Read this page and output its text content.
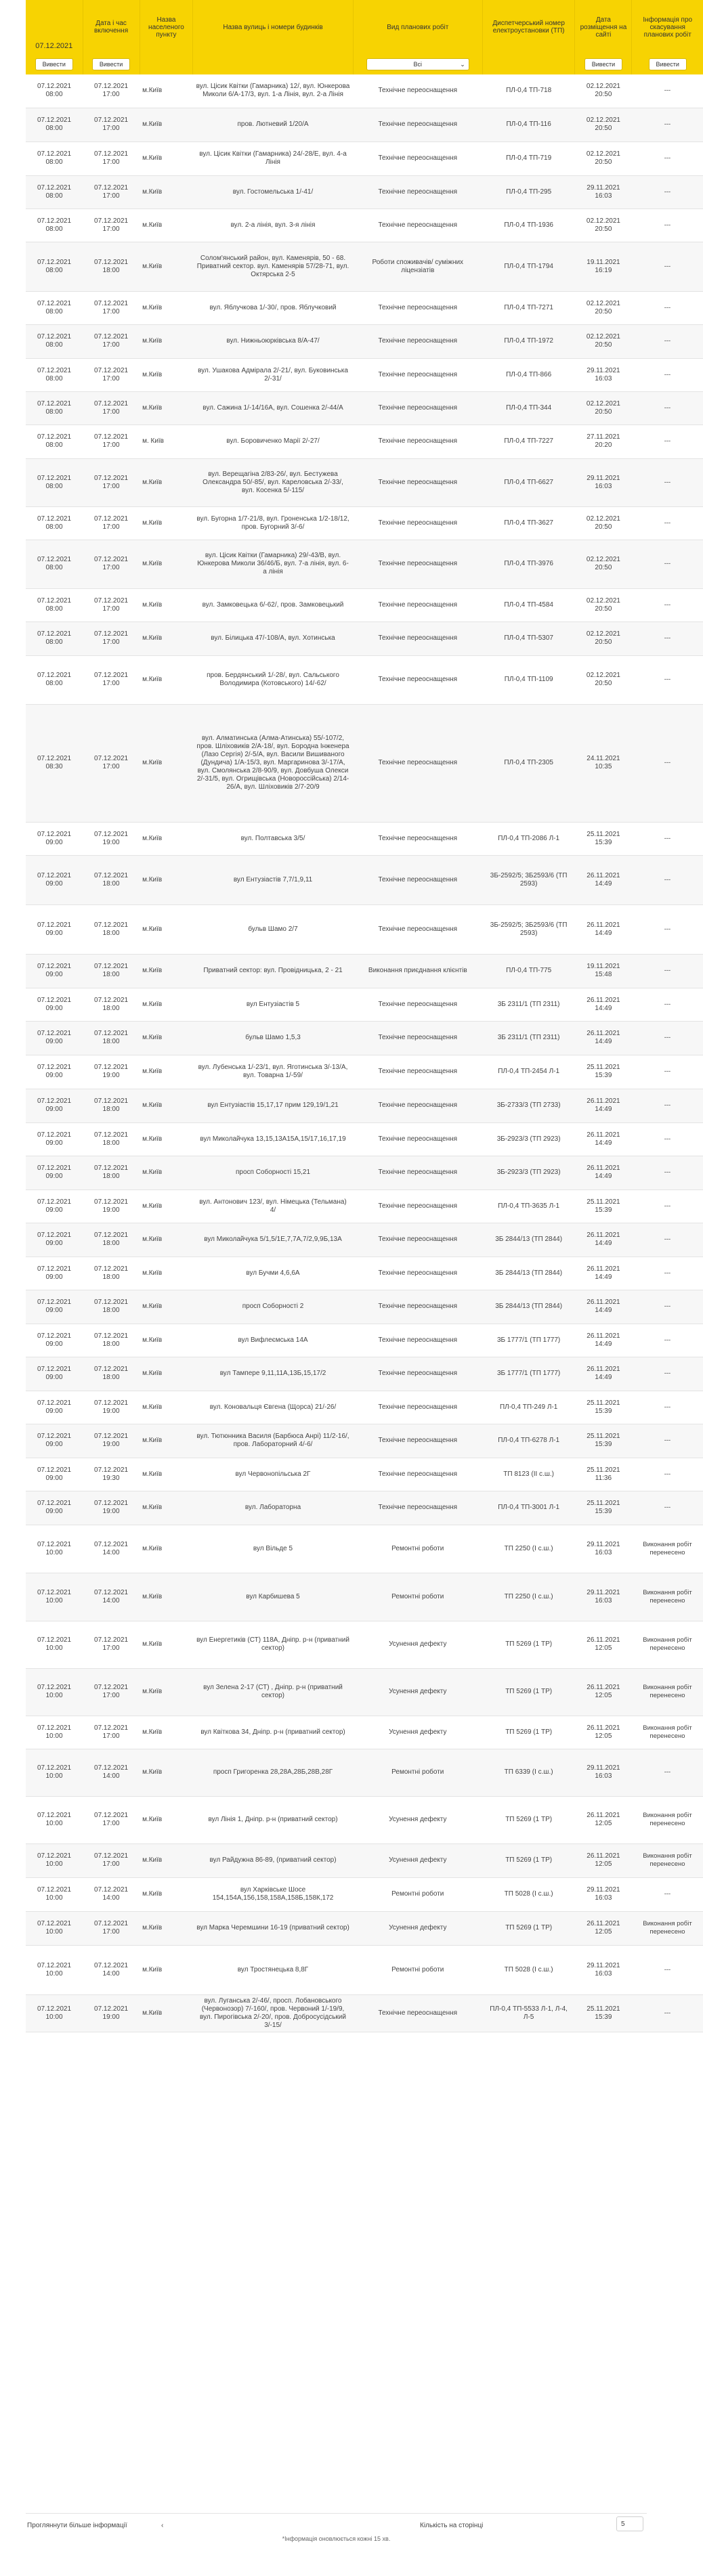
07.12.2021	Дата і час включення	Назва населеного пункту	Назва вулиць і номери будинків	Вид планових робіт	Диспетчерський номер електроустановки (ТП)	Дата розміщення на сайті	Інформація про скасування планових робіт
Вивести	Вивести			Всі ⌄		Вивести	Вивести
07.12.2021 08:00	07.12.2021 17:00	м.Київ	вул. Цісик Квітки (Гамарника) 12/, вул. Юнкерова Миколи 6/А-17/3, вул. 1-а Лінія, вул. 2-а Лінія	Технічне переоснащення	ПЛ-0,4 ТП-718	02.12.2021 20:50	---
07.12.2021 08:00	07.12.2021 17:00	м.Київ	пров. Лютневий 1/20/А	Технічне переоснащення	ПЛ-0,4 ТП-116	02.12.2021 20:50	---
07.12.2021 08:00	07.12.2021 17:00	м.Київ	вул. Цісик Квітки (Гамарника) 24/-28/Е, вул. 4-а Лінія	Технічне переоснащення	ПЛ-0,4 ТП-719	02.12.2021 20:50	---
07.12.2021 08:00	07.12.2021 17:00	м.Київ	вул. Гостомельська 1/-41/	Технічне переоснащення	ПЛ-0,4 ТП-295	29.11.2021 16:03	---
07.12.2021 08:00	07.12.2021 17:00	м.Київ	вул. 2-а лінія, вул. 3-я лінія	Технічне переоснащення	ПЛ-0,4 ТП-1936	02.12.2021 20:50	---
07.12.2021 08:00	07.12.2021 18:00	м.Київ	Солом'янський район, вул. Каменярів, 50 - 68. Приватний сектор. вул. Каменярів 57/28-71, вул. Октярська 2-5	Роботи споживачів/ суміжних ліцензіатів	ПЛ-0,4 ТП-1794	19.11.2021 16:19	---
07.12.2021 08:00	07.12.2021 17:00	м.Київ	вул. Яблучкова 1/-30/, пров. Яблучковий	Технічне переоснащення	ПЛ-0,4 ТП-7271	02.12.2021 20:50	---
07.12.2021 08:00	07.12.2021 17:00	м.Київ	вул. Нижньоюрківська 8/А-47/	Технічне переоснащення	ПЛ-0,4 ТП-1972	02.12.2021 20:50	---
07.12.2021 08:00	07.12.2021 17:00	м.Київ	вул. Ушакова Адмірала 2/-21/, вул. Буковинська 2/-31/	Технічне переоснащення	ПЛ-0,4 ТП-866	29.11.2021 16:03	---
07.12.2021 08:00	07.12.2021 17:00	м.Київ	вул. Сажина 1/-14/16А, вул. Сошенка 2/-44/А	Технічне переоснащення	ПЛ-0,4 ТП-344	02.12.2021 20:50	---
07.12.2021 08:00	07.12.2021 17:00	м. Київ	вул. Боровиченко Марії 2/-27/	Технічне переоснащення	ПЛ-0,4 ТП-7227	27.11.2021 20:20	---
07.12.2021 08:00	07.12.2021 17:00	м.Київ	вул. Верещагіна 2/83-26/, вул. Бестужева Олександра 50/-85/, вул. Кареловська 2/-33/, вул. Косенка 5/-115/	Технічне переоснащення	ПЛ-0,4 ТП-6627	29.11.2021 16:03	---
07.12.2021 08:00	07.12.2021 17:00	м.Київ	вул. Бугорна 1/7-21/8, вул. Гроненська 1/2-18/12, пров. Бугорний 3/-6/	Технічне переоснащення	ПЛ-0,4 ТП-3627	02.12.2021 20:50	---
07.12.2021 08:00	07.12.2021 17:00	м.Київ	вул. Цісик Квітки (Гамарника) 29/-43/В, вул. Юнкерова Миколи 36/46/Б, вул. 7-а лінія, вул. 6-а лінія	Технічне переоснащення	ПЛ-0,4 ТП-3976	02.12.2021 20:50	---
07.12.2021 08:00	07.12.2021 17:00	м.Київ	вул. Замковецька 6/-62/, пров. Замковецький	Технічне переоснащення	ПЛ-0,4 ТП-4584	02.12.2021 20:50	---
07.12.2021 08:00	07.12.2021 17:00	м.Київ	вул. Бiлицька 47/-108/А, вул. Хотинська	Технічне переоснащення	ПЛ-0,4 ТП-5307	02.12.2021 20:50	---
07.12.2021 08:00	07.12.2021 17:00	м.Київ	пров. Бердянський 1/-28/, вул. Сальського Володимира (Котовського) 14/-62/	Технічне переоснащення	ПЛ-0,4 ТП-1109	02.12.2021 20:50	---
07.12.2021 08:30	07.12.2021 17:00	м.Київ	вул. Алматинська (Алма-Атинська) 55/-107/2, пров. Шліховиків 2/А-18/, вул. Бородна Інженера (Лазо Сергія) 2/-5/А, вул. Васили Вишиваного (Дундича) 1/А-15/3, вул. Маргаринова 3/-17/А, вул. Смолянська 2/8-90/9, вул. Довбуша Олекси 2/-31/5, вул. Огрищівська (Новороссійська) 2/14-26/А, вул. Шліховиків 2/7-20/9	Технічне переоснащення	ПЛ-0,4 ТП-2305	24.11.2021 10:35	---
07.12.2021 09:00	07.12.2021 19:00	м.Київ	вул. Полтавська 3/5/	Технічне переоснащення	ПЛ-0,4 ТП-2086 Л-1	25.11.2021 15:39	---
07.12.2021 09:00	07.12.2021 18:00	м.Київ	вул Ентузіастів 7,7/1,9,11	Технічне переоснащення	3Б-2592/5; 3Б2593/6 (ТП 2593)	26.11.2021 14:49	---
07.12.2021 09:00	07.12.2021 18:00	м.Київ	бульв Шамо 2/7	Технічне переоснащення	3Б-2592/5; 3Б2593/6 (ТП 2593)	26.11.2021 14:49	---
07.12.2021 09:00	07.12.2021 18:00	м.Київ	Приватний сектор: вул. Провідницька, 2 - 21	Виконання приєднання клієнтів	ПЛ-0,4 ТП-775	19.11.2021 15:48	---
07.12.2021 09:00	07.12.2021 18:00	м.Київ	вул Ентузіастів 5	Технічне переоснащення	3Б 2311/1 (ТП 2311)	26.11.2021 14:49	---
07.12.2021 09:00	07.12.2021 18:00	м.Київ	бульв Шамо 1,5,3	Технічне переоснащення	3Б 2311/1 (ТП 2311)	26.11.2021 14:49	---
07.12.2021 09:00	07.12.2021 19:00	м.Київ	вул. Лубенська 1/-23/1, вул. Яготинська 3/-13/А, вул. Товарна 1/-59/	Технічне переоснащення	ПЛ-0,4 ТП-2454 Л-1	25.11.2021 15:39	---
07.12.2021 09:00	07.12.2021 18:00	м.Київ	вул Ентузіастів 15,17,17 прим 129,19/1,21	Технічне переоснащення	3Б-2733/3 (ТП 2733)	26.11.2021 14:49	---
07.12.2021 09:00	07.12.2021 18:00	м.Київ	вул Миколайчука 13,15,13А15А,15/17,16,17,19	Технічне переоснащення	3Б-2923/3 (ТП 2923)	26.11.2021 14:49	---
07.12.2021 09:00	07.12.2021 18:00	м.Київ	просп Соборності 15,21	Технічне переоснащення	3Б-2923/3 (ТП 2923)	26.11.2021 14:49	---
07.12.2021 09:00	07.12.2021 19:00	м.Київ	вул. Антонович 123/, вул. Німецька (Тельмана) 4/	Технічне переоснащення	ПЛ-0,4 ТП-3635 Л-1	25.11.2021 15:39	---
07.12.2021 09:00	07.12.2021 18:00	м.Київ	вул Миколайчука 5/1,5/1Е,7,7А,7/2,9,9Б,13А	Технічне переоснащення	3Б 2844/13 (ТП 2844)	26.11.2021 14:49	---
07.12.2021 09:00	07.12.2021 18:00	м.Київ	вул Бучми 4,6,6А	Технічне переоснащення	3Б 2844/13 (ТП 2844)	26.11.2021 14:49	---
07.12.2021 09:00	07.12.2021 18:00	м.Київ	просп Соборності 2	Технічне переоснащення	3Б 2844/13 (ТП 2844)	26.11.2021 14:49	---
07.12.2021 09:00	07.12.2021 18:00	м.Київ	вул Вифлеємська 14А	Технічне переоснащення	3Б 1777/1 (ТП 1777)	26.11.2021 14:49	---
07.12.2021 09:00	07.12.2021 18:00	м.Київ	вул Тампере 9,11,11А,13Б,15,17/2	Технічне переоснащення	3Б 1777/1 (ТП 1777)	26.11.2021 14:49	---
07.12.2021 09:00	07.12.2021 19:00	м.Київ	вул. Коновальця Євгена (Щорса) 21/-26/	Технічне переоснащення	ПЛ-0,4 ТП-249 Л-1	25.11.2021 15:39	---
07.12.2021 09:00	07.12.2021 19:00	м.Київ	вул. Тютюнника Василя (Барбюса Анрі) 11/2-16/, пров. Лабораторний 4/-6/	Технічне переоснащення	ПЛ-0,4 ТП-6278 Л-1	25.11.2021 15:39	---
07.12.2021 09:00	07.12.2021 19:30	м.Київ	вул Червонопільська 2Г	Технічне переоснащення	ТП 8123 (II с.ш.)	25.11.2021 11:36	---
07.12.2021 09:00	07.12.2021 19:00	м.Київ	вул. Лабораторна	Технічне переоснащення	ПЛ-0,4 ТП-3001 Л-1	25.11.2021 15:39	---
07.12.2021 10:00	07.12.2021 14:00	м.Київ	вул Вільде 5	Ремонтні роботи	ТП 2250 (I с.ш.)	29.11.2021 16:03	Виконання робіт перенесено
07.12.2021 10:00	07.12.2021 14:00	м.Київ	вул Карбишева 5	Ремонтні роботи	ТП 2250 (I с.ш.)	29.11.2021 16:03	Виконання робіт перенесено
07.12.2021 10:00	07.12.2021 17:00	м.Київ	вул Енергетиків (СТ) 118А, Дніпр. р-н (приватний сектор)	Усунення дефекту	ТП 5269 (1 ТР)	26.11.2021 12:05	Виконання робіт перенесено
07.12.2021 10:00	07.12.2021 17:00	м.Київ	вул Зелена 2-17 (СТ) , Дніпр. р-н (приватний сектор)	Усунення дефекту	ТП 5269 (1 ТР)	26.11.2021 12:05	Виконання робіт перенесено
07.12.2021 10:00	07.12.2021 17:00	м.Київ	вул Квіткова 34, Дніпр. р-н (приватний сектор)	Усунення дефекту	ТП 5269 (1 ТР)	26.11.2021 12:05	Виконання робіт перенесено
07.12.2021 10:00	07.12.2021 14:00	м.Київ	просп Григоренка 28,28А,28Б,28В,28Г	Ремонтні роботи	ТП 6339 (I с.ш.)	29.11.2021 16:03	---
07.12.2021 10:00	07.12.2021 17:00	м.Київ	вул Лінія 1, Дніпр. р-н (приватний сектор)	Усунення дефекту	ТП 5269 (1 ТР)	26.11.2021 12:05	Виконання робіт перенесено
07.12.2021 10:00	07.12.2021 17:00	м.Київ	вул Райдужна 86-89, (приватний сектор)	Усунення дефекту	ТП 5269 (1 ТР)	26.11.2021 12:05	Виконання робіт перенесено
07.12.2021 10:00	07.12.2021 14:00	м.Київ	вул Харківське Шосе 154,154А,156,158,158А,158Б,158К,172	Ремонтні роботи	ТП 5028 (I с.ш.)	29.11.2021 16:03	---
07.12.2021 10:00	07.12.2021 17:00	м.Київ	вул Марка Черемшини 16-19 (приватний сектор)	Усунення дефекту	ТП 5269 (1 ТР)	26.11.2021 12:05	Виконання робіт перенесено
07.12.2021 10:00	07.12.2021 14:00	м.Київ	вул Тростянецька 8,8Г	Ремонтні роботи	ТП 5028 (I с.ш.)	29.11.2021 16:03	---
07.12.2021 10:00	07.12.2021 19:00	м.Київ	вул. Луганська 2/-46/, просп. Лобановського (Червонозор) 7/-160/, пров. Червоний 1/-19/9, вул. Пирогівська 2/-20/, пров. Добросусідський 3/-15/	Технічне переоснащення	ПЛ-0,4 ТП-5533 Л-1, Л-4, Л-5	25.11.2021 15:39	---
Прогляннути більше інформації	‹	Кількість на сторінці	5
*Інформація оновлюється кожні 15 хв.
